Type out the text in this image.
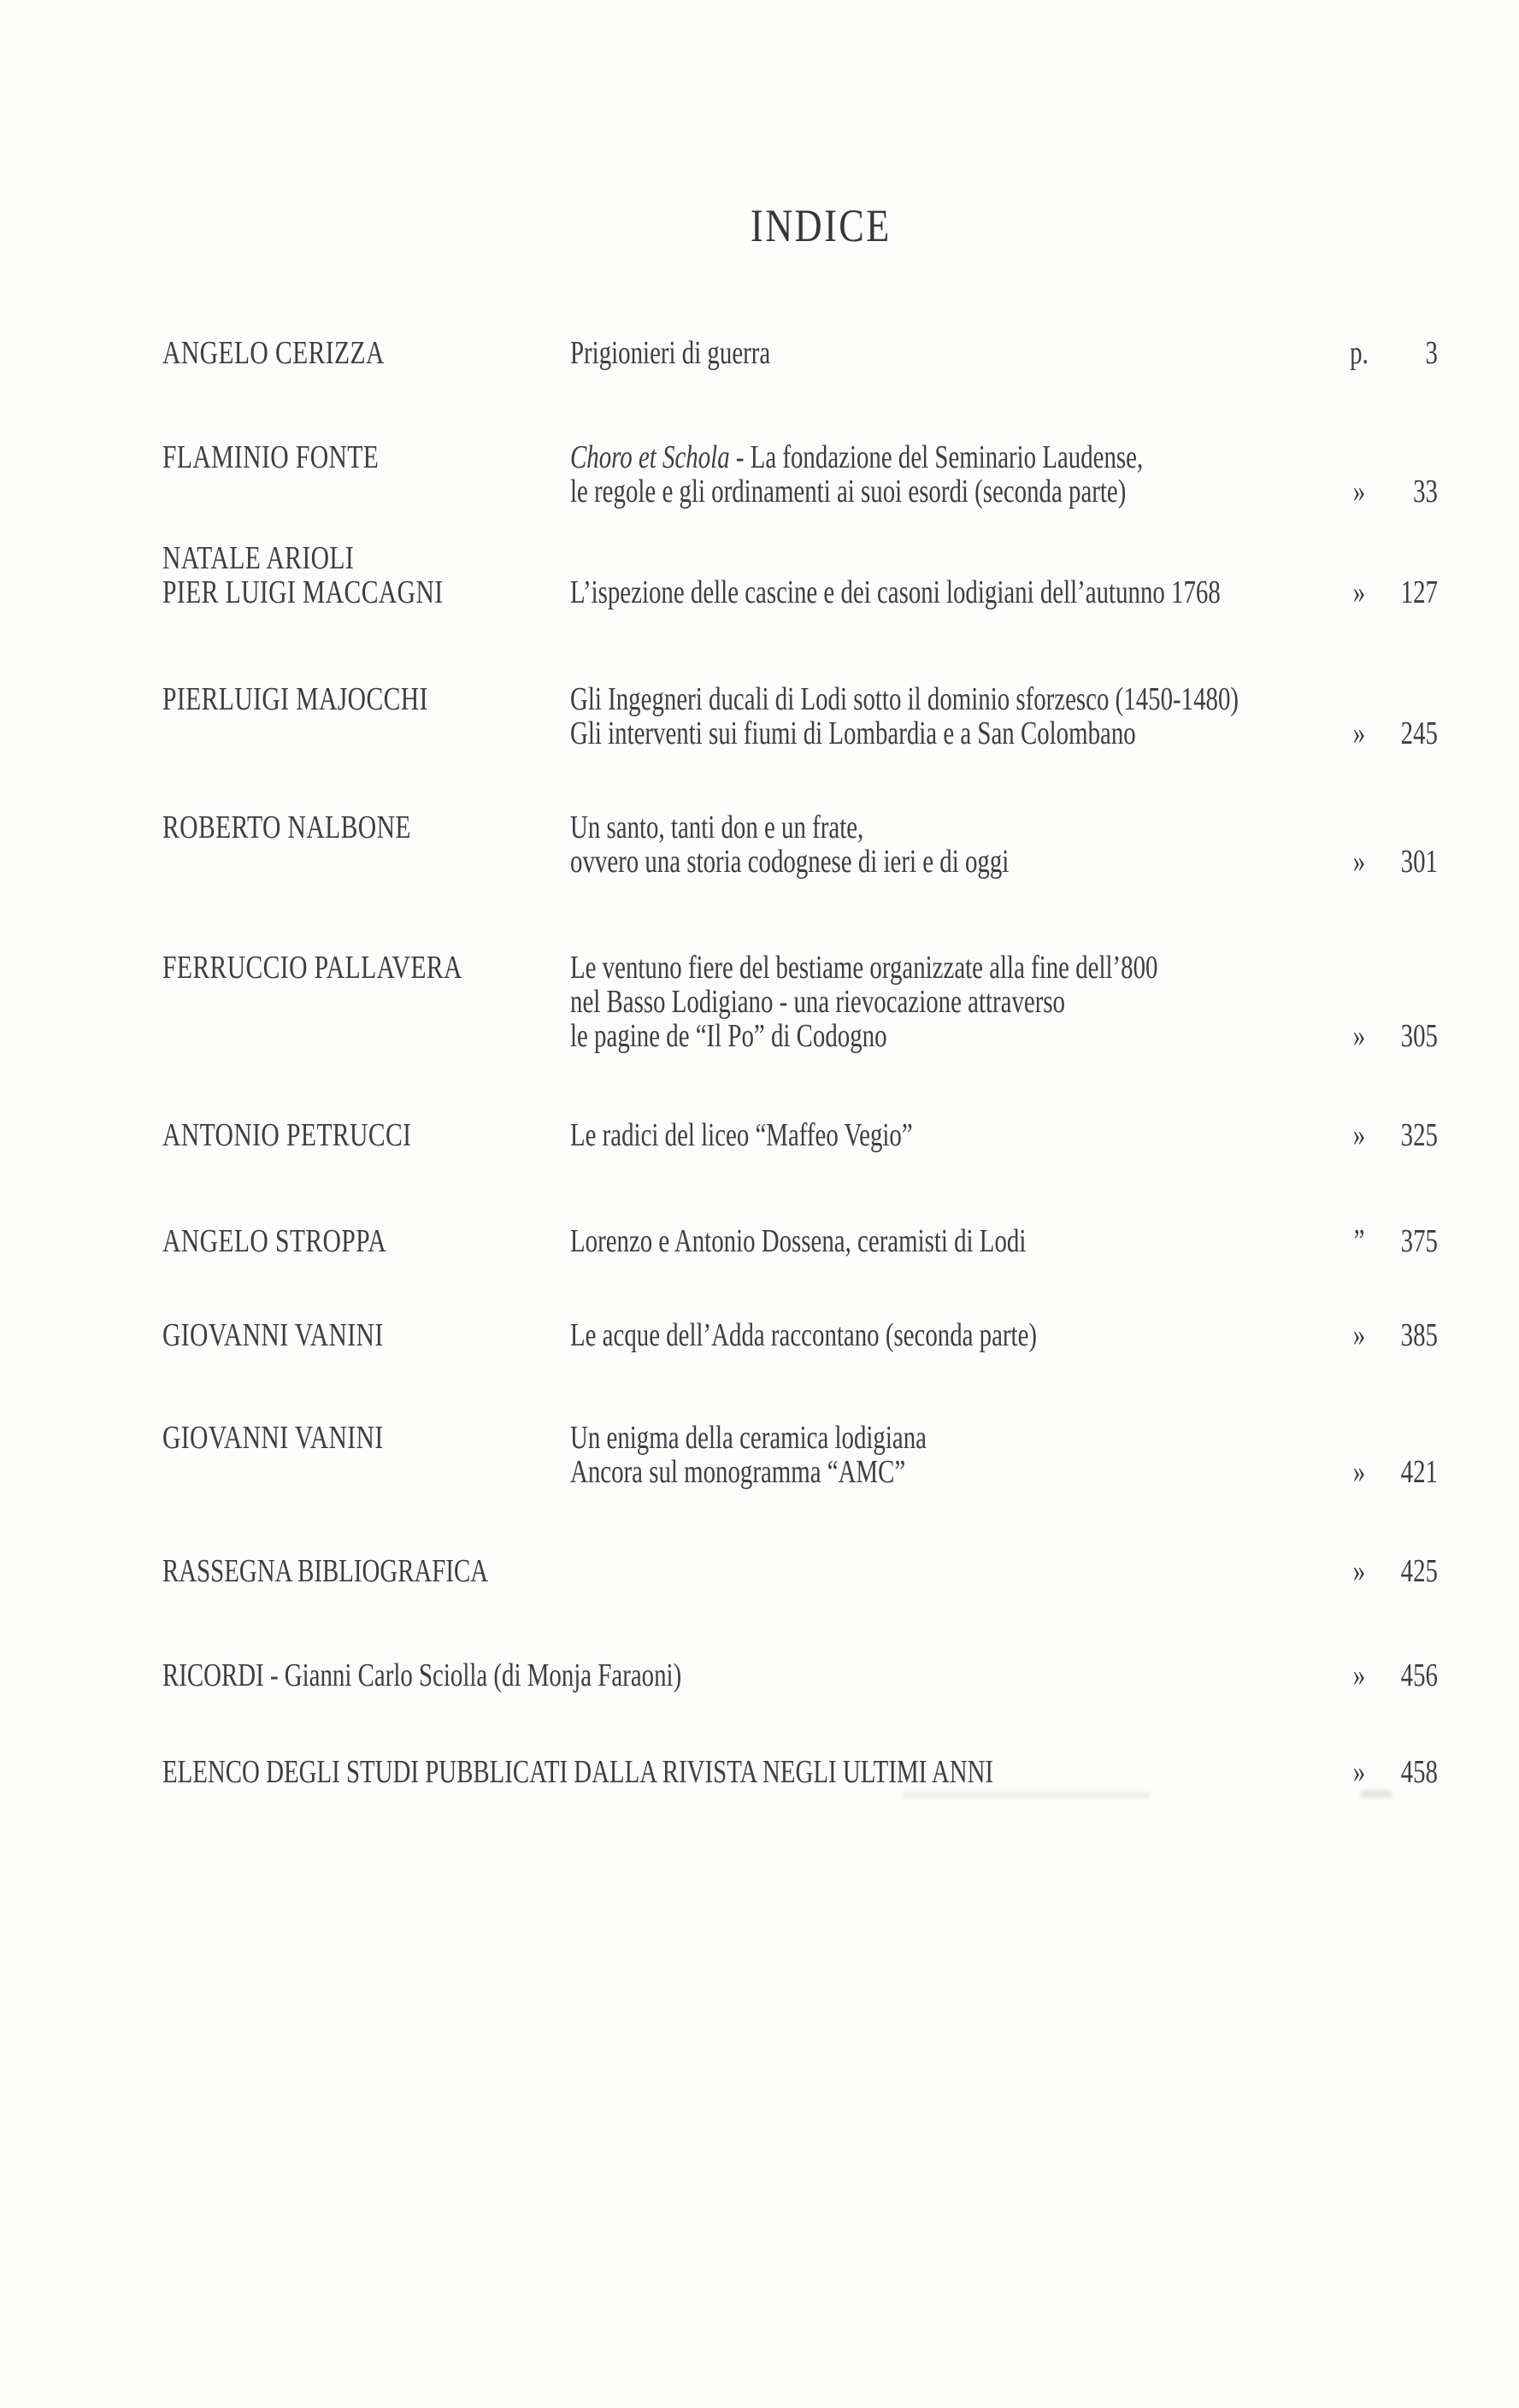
INDICE
ANGELO CERIZZA	Prigionieri di guerra	p. 3
FLAMINIO FONTE	Choro et Schola - La fondazione del Seminario Laudense,
le regole e gli ordinamenti ai suoi esordi (seconda parte)	» 33
NATALE ARIOLI
PIER LUIGI MACCAGNI	L’ispezione delle cascine e dei casoni lodigiani dell’autunno 1768	» 127
PIERLUIGI MAJOCCHI	Gli Ingegneri ducali di Lodi sotto il dominio sforzesco (1450-1480)
Gli interventi sui fiumi di Lombardia e a San Colombano	» 245
ROBERTO NALBONE	Un santo, tanti don e un frate,
ovvero una storia codognese di ieri e di oggi	» 301
FERRUCCIO PALLAVERA	Le ventuno fiere del bestiame organizzate alla fine dell’800
nel Basso Lodigiano - una rievocazione attraverso
le pagine de “Il Po” di Codogno	» 305
ANTONIO PETRUCCI	Le radici del liceo “Maffeo Vegio”	» 325
ANGELO STROPPA	Lorenzo e Antonio Dossena, ceramisti di Lodi	”	375
GIOVANNI VANINI	Le acque dell’Adda raccontano (seconda parte)	» 385
GIOVANNI VANINI	Un enigma della ceramica lodigiana
Ancora sul monogramma “AMC”	» 421
RASSEGNA BIBLIOGRAFICA	» 425
RICORDI - Gianni Carlo Sciolla (di Monja Faraoni)	» 456
ELENCO DEGLI STUDI PUBBLICATI DALLA RIVISTA NEGLI ULTIMI ANNI	» 458
